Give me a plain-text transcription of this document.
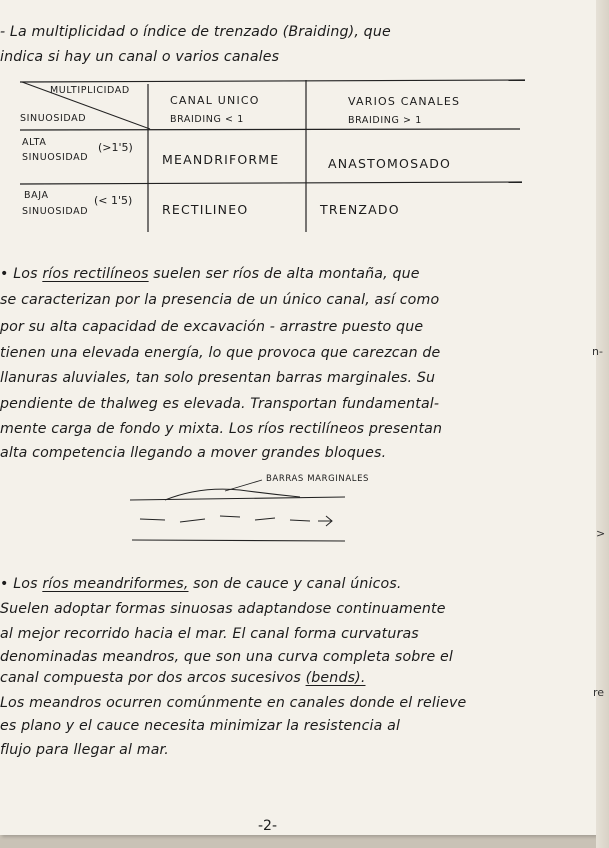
- La multiplicidad o índice de trenzado (Braiding), que

indica si hay un canal o varios canales

MULTIPLICIDAD
SINUOSIDAD
CANAL UNICO
BRAIDING < 1
VARIOS CANALES
BRAIDING > 1
ALTA
SINUOSIDAD
(>1'5)
MEANDRIFORME	ANASTOMOSADO
BAJA
SINUOSIDAD
(< 1'5)
RECTILINEO	TRENZADO

• Los ríos rectilíneos suelen ser ríos de alta montaña, que

se caracterizan por la presencia de un único canal, así como

por su alta capacidad de excavación - arrastre puesto que

tienen una elevada energía, lo que provoca que carezcan de

llanuras aluviales, tan solo presentan barras marginales. Su

pendiente de thalweg es elevada. Transportan fundamental-

mente carga de fondo y mixta. Los ríos rectilíneos presentan

alta competencia llegando a mover grandes bloques.

BARRAS MARGINALES

• Los ríos meandriformes, son de cauce y canal únicos.

Suelen adoptar formas sinuosas adaptandose continuamente

al mejor recorrido hacia el mar. El canal forma curvaturas

denominadas meandros, que son una curva completa sobre el

canal compuesta por dos arcos sucesivos (bends).

Los meandros ocurren comúnmente en canales donde el relieve

es plano y el cauce necesita minimizar la resistencia al

flujo para llegar al mar.

-2-
n-
>
re
